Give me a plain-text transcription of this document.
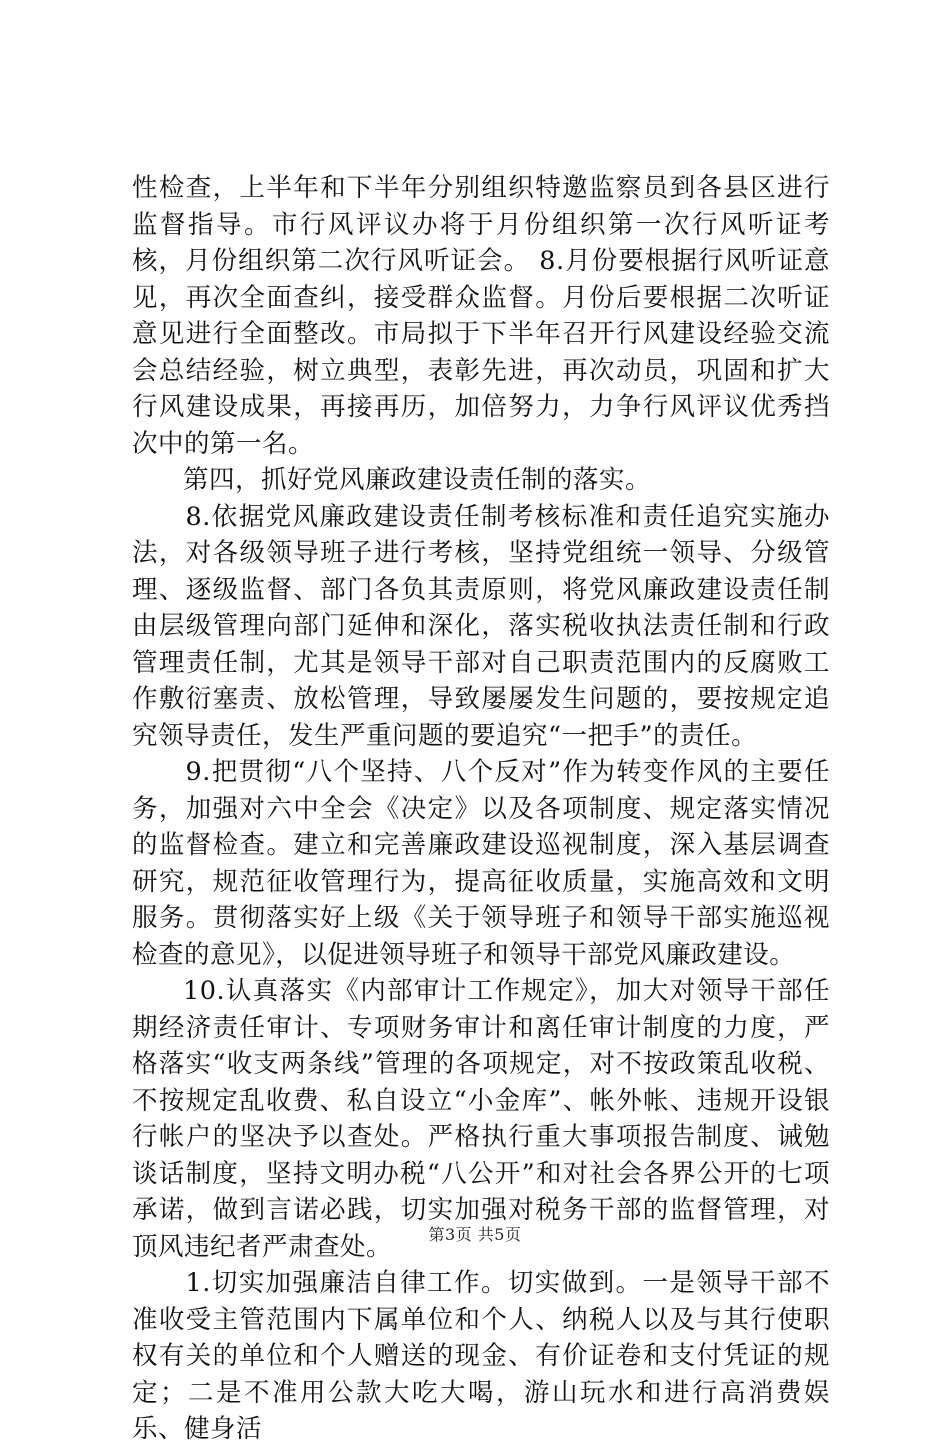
性检查，上半年和下半年分别组织特邀监察员到各县区进行监督指导。市行风评议办将于月份组织第一次行风听证考核，月份组织第二次行风听证会。 8.月份要根据行风听证意见，再次全面查纠，接受群众监督。月份后要根据二次听证意见进行全面整改。市局拟于下半年召开行风建设经验交流会总结经验，树立典型，表彰先进，再次动员，巩固和扩大行风建设成果，再接再历，加倍努力，力争行风评议优秀挡次中的第一名。

第四，抓好党风廉政建设责任制的落实。

8.依据党风廉政建设责任制考核标准和责任追究实施办法，对各级领导班子进行考核，坚持党组统一领导、分级管理、逐级监督、部门各负其责原则，将党风廉政建设责任制由层级管理向部门延伸和深化，落实税收执法责任制和行政管理责任制，尤其是领导干部对自己职责范围内的反腐败工作敷衍塞责、放松管理，导致屡屡发生问题的，要按规定追究领导责任，发生严重问题的要追究“一把手”的责任。

9.把贯彻“八个坚持、八个反对”作为转变作风的主要任务，加强对六中全会《决定》以及各项制度、规定落实情况的监督检查。建立和完善廉政建设巡视制度，深入基层调查研究，规范征收管理行为，提高征收质量，实施高效和文明服务。贯彻落实好上级《关于领导班子和领导干部实施巡视检查的意见》，以促进领导班子和领导干部党风廉政建设。

10.认真落实《内部审计工作规定》，加大对领导干部任期经济责任审计、专项财务审计和离任审计制度的力度，严格落实“收支两条线”管理的各项规定，对不按政策乱收税、不按规定乱收费、私自设立“小金库”、帐外帐、违规开设银行帐户的坚决予以查处。严格执行重大事项报告制度、诫勉谈话制度，坚持文明办税“八公开”和对社会各界公开的七项承诺，做到言诺必践，切实加强对税务干部的监督管理，对顶风违纪者严肃查处。

1.切实加强廉洁自律工作。切实做到。一是领导干部不准收受主管范围内下属单位和个人、纳税人以及与其行使职权有关的单位和个人赠送的现金、有价证卷和支付凭证的规定；二是不准用公款大吃大喝，游山玩水和进行高消费娱乐、健身活

第3页 共5页
